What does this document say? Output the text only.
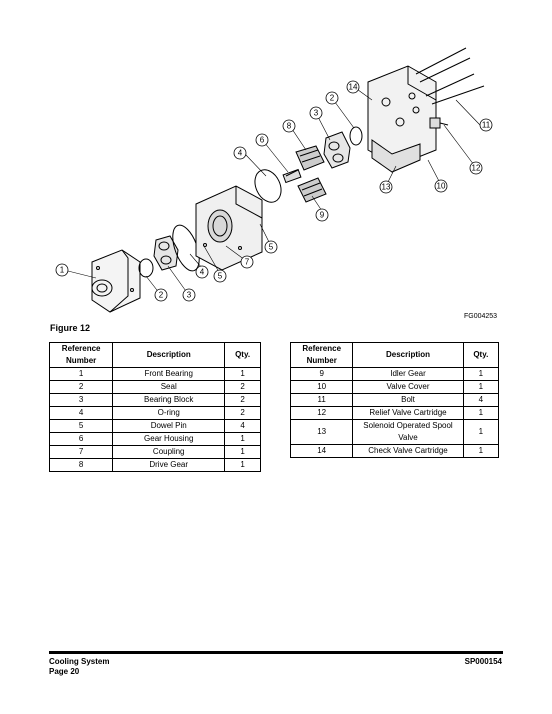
1
2	3
4
6
8
3
2
14
11
12
10
13
9
5
7
4 5
FG004253
Figure 12
Reference Number	Description	Qty.
1	Front Bearing	1
2	Seal	2
3	Bearing Block	2
4	O-ring	2
5	Dowel Pin	4
6	Gear Housing	1
7	Coupling	1
8	Drive Gear	1
Reference Number	Description	Qty.
9	Idler Gear	1
10	Valve Cover	1
11	Bolt	4
12	Relief Valve Cartridge	1
13	Solenoid Operated Spool Valve	1
14	Check Valve Cartridge	1
Cooling System
Page 20
SP000154
